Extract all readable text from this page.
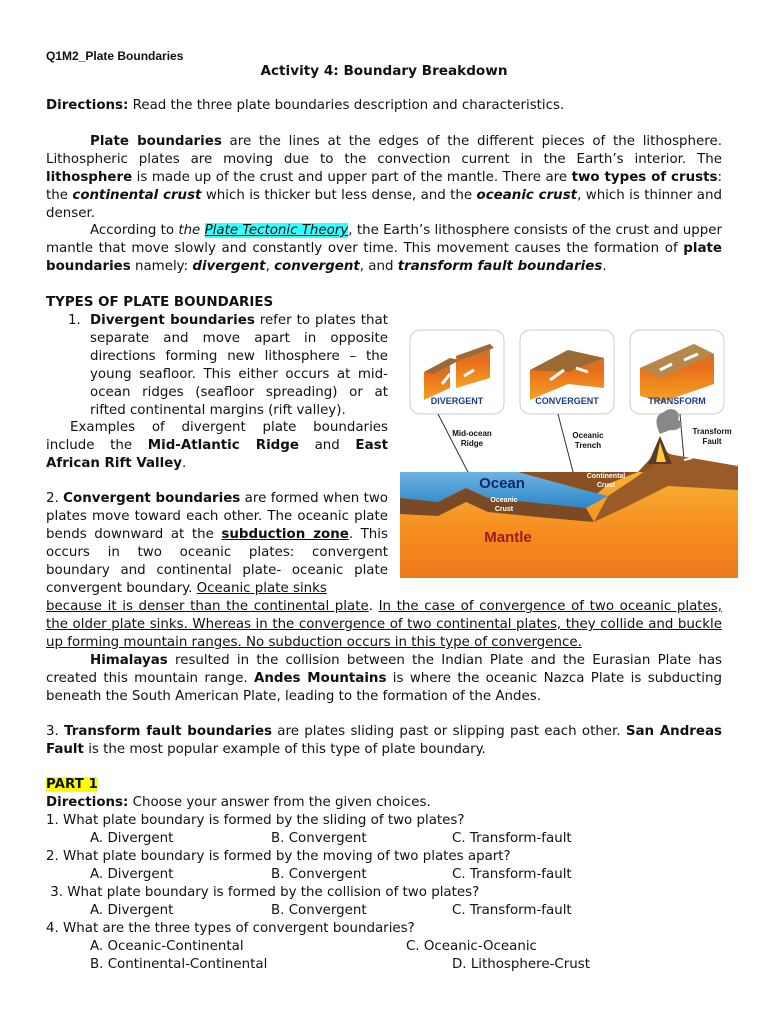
Q1M2_Plate Boundaries
Activity 4: Boundary Breakdown
Directions: Read the three plate boundaries description and characteristics.

Plate boundaries are the lines at the edges of the different pieces of the lithosphere. Lithospheric plates are moving due to the convection current in the Earth’s interior. The lithosphere is made up of the crust and upper part of the mantle. There are two types of crusts: the continental crust which is thicker but less dense, and the oceanic crust, which is thinner and denser.

According to the Plate Tectonic Theory, the Earth’s lithosphere consists of the crust and upper mantle that move slowly and constantly over time. This movement causes the formation of plate boundaries namely: divergent, convergent, and transform fault boundaries.

TYPES OF PLATE BOUNDARIES
1. Divergent boundaries refer to plates that separate and move apart in opposite directions forming new lithosphere – the young seafloor. This either occurs at mid-ocean ridges (seafloor spreading) or at rifted continental margins (rift valley).
Examples of divergent plate boundaries include the Mid-Atlantic Ridge and East African Rift Valley.
2. Convergent boundaries are formed when two plates move toward each other. The oceanic plate bends downward at the subduction zone. This occurs in two oceanic plates: convergent boundary and continental plate- oceanic plate convergent boundary. Oceanic plate sinks
because it is denser than the continental plate. In the case of convergence of two oceanic plates, the older plate sinks. Whereas in the convergence of two continental plates, they collide and buckle up forming mountain ranges. No subduction occurs in this type of convergence.

Himalayas resulted in the collision between the Indian Plate and the Eurasian Plate has created this mountain range. Andes Mountains is where the oceanic Nazca Plate is subducting beneath the South American Plate, leading to the formation of the Andes.

3. Transform fault boundaries are plates sliding past or slipping past each other. San Andreas Fault is the most popular example of this type of plate boundary.
DIVERGENT	CONVERGENT	TRANSFORM
Mid-ocean
Ridge
Oceanic
Trench
Transform
Fault
Continental
Crust
Oceanic
Crust
Ocean
Mantle
PART 1
Directions: Choose your answer from the given choices.
1. What plate boundary is formed by the sliding of two plates?
A. Divergent	B. Convergent	C. Transform-fault
2. What plate boundary is formed by the moving of two plates apart?
A. Divergent	B. Convergent	C. Transform-fault
3. What plate boundary is formed by the collision of two plates?
A. Divergent	B. Convergent	C. Transform-fault
4. What are the three types of convergent boundaries?
A. Oceanic-Continental	C. Oceanic-Oceanic
B. Continental-Continental	D. Lithosphere-Crust
